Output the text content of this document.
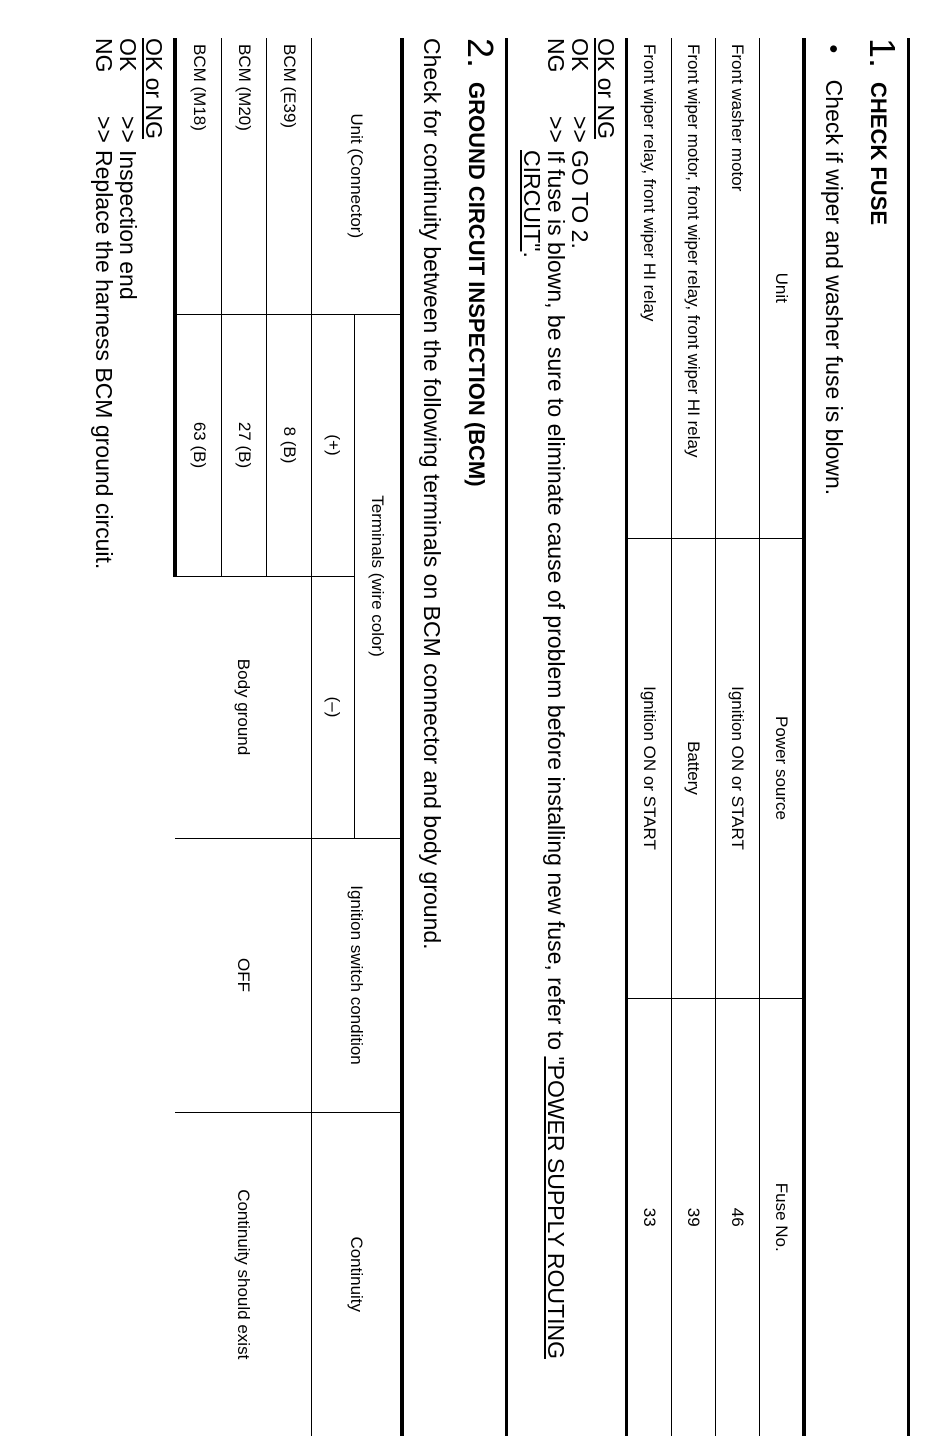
1.
CHECK FUSE
●
Check if wiper and washer fuse is blown.
Unit	Power source	Fuse No.
Front washer motor	Ignition ON or START	46
Front wiper motor, front wiper relay, front wiper HI relay	Battery	39
Front wiper relay, front wiper HI relay	Ignition ON or START	33
OK or NG
OK
>>
GO TO 2.
NG
>>
If fuse is blown, be sure to eliminate cause of problem before installing new fuse, refer to "POWER SUPPLY ROUTING CIRCUIT".
2.
GROUND CIRCUIT INSPECTION (BCM)
Check for continuity between the following terminals on BCM connector and body ground.
Unit (Connector)	Terminals (wire color)		Ignition switch condition	Continuity
	(+)	(–)		
BCM (E39)	8 (B)	Body ground	OFF	Continuity should exist
BCM (M20)	27 (B)			
BCM (M18)	63 (B)			
OK or NG
OK
>>
Inspection end
NG
>>
Replace the harness BCM ground circuit.
